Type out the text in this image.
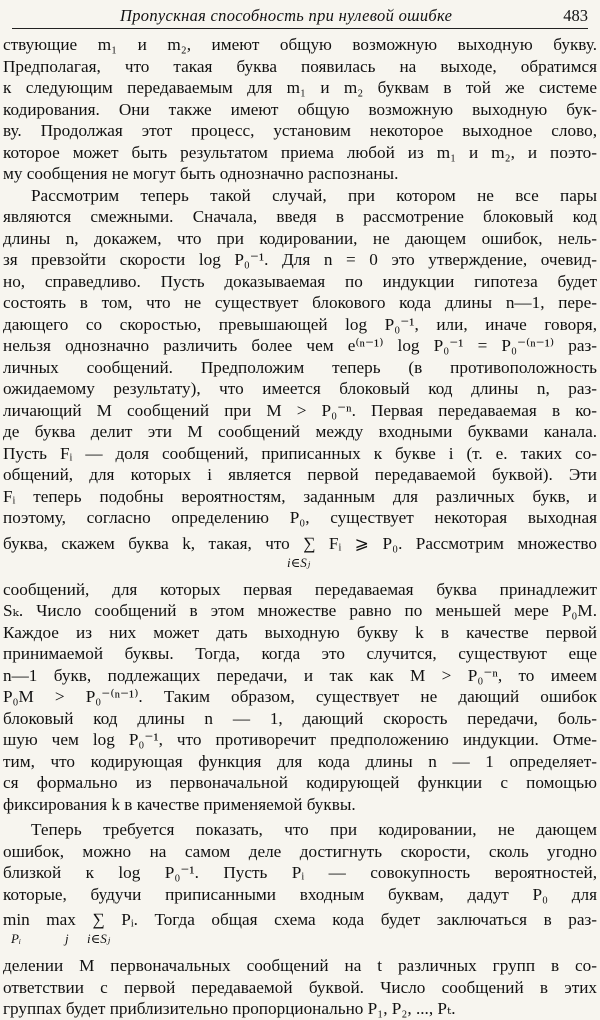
Пропускная способность при нулевой ошибке	483
ствующие m₁ и m₂, имеют общую возможную выходную букву.
Предполагая, что такая буква появилась на выходе, обратимся
к следующим передаваемым для m₁ и m₂ буквам в той же системе
кодирования. Они также имеют общую возможную выходную бук-
ву. Продолжая этот процесс, установим некоторое выходное слово,
которое может быть результатом приема любой из m₁ и m₂, и поэто-
му сообщения не могут быть однозначно распознаны.
Рассмотрим теперь такой случай, при котором не все пары
являются смежными. Сначала, введя в рассмотрение блоковый код
длины n, докажем, что при кодировании, не дающем ошибок, нель-
зя превзойти скорости log P₀⁻¹. Для n = 0 это утверждение, очевид-
но, справедливо. Пусть доказываемая по индукции гипотеза будет
состоять в том, что не существует блокового кода длины n—1, пере-
дающего со скоростью, превышающей log P₀⁻¹, или, иначе говоря,
нельзя однозначно различить более чем e⁽ⁿ⁻¹⁾ log P₀⁻¹ = P₀⁻⁽ⁿ⁻¹⁾ раз-
личных сообщений. Предположим теперь (в противоположность
ожидаемому результату), что имеется блоковый код длины n, раз-
личающий M сообщений при M > P₀⁻ⁿ. Первая передаваемая в ко-
де буква делит эти M сообщений между входными буквами канала.
Пусть Fᵢ — доля сообщений, приписанных к букве i (т. е. таких со-
общений, для которых i является первой передаваемой буквой). Эти
Fᵢ теперь подобны вероятностям, заданным для различных букв, и
поэтому, согласно определению P₀, существует некоторая выходная
буква, скажем буква k, такая, что ∑ Fᵢ ⩾ P₀. Рассмотрим множество
i∈Sⱼ
сообщений, для которых первая передаваемая буква принадлежит
Sₖ. Число сообщений в этом множестве равно по меньшей мере P₀M.
Каждое из них может дать выходную букву k в качестве первой
принимаемой буквы. Тогда, когда это случится, существуют еще
n—1 букв, подлежащих передачи, и так как M > P₀⁻ⁿ, то имеем
P₀M > P₀⁻⁽ⁿ⁻¹⁾. Таким образом, существует не дающий ошибок
блоковый код длины n — 1, дающий скорость передачи, боль-
шую чем log P₀⁻¹, что противоречит предположению индукции. Отме-
тим, что кодирующая функция для кода длины n — 1 определяет-
ся формально из первоначальной кодирующей функции с помощью
фиксирования k в качестве применяемой буквы.
Теперь требуется показать, что при кодировании, не дающем
ошибок, можно на самом деле достигнуть скорости, сколь угодно
близкой к log P₀⁻¹. Пусть Pᵢ — совокупность вероятностей,
которые, будучи приписанными входным буквам, дадут P₀ для
min max ∑ Pᵢ. Тогда общая схема кода будет заключаться в раз-
Pᵢ	j i∈Sⱼ
делении M первоначальных сообщений на t различных групп в со-
ответствии с первой передаваемой буквой. Число сообщений в этих
группах будет приблизительно пропорционально P₁, P₂, ..., Pₜ.
